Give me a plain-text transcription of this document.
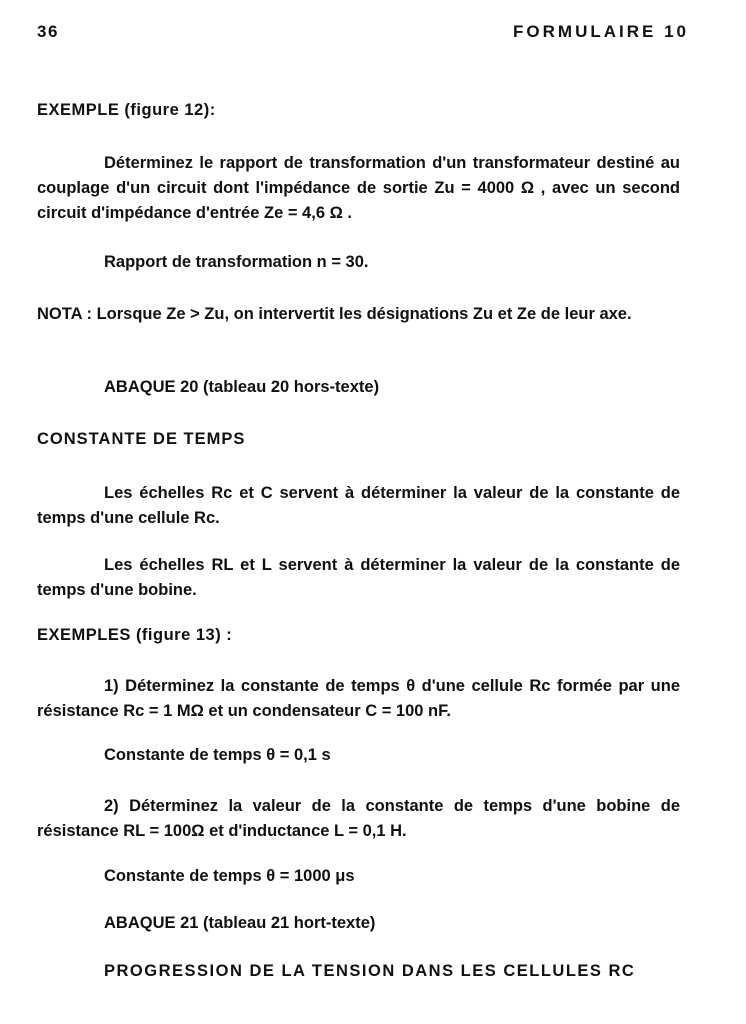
36	FORMULAIRE 10
EXEMPLE (figure 12):
Déterminez le rapport de transformation d'un transformateur destiné au couplage d'un circuit dont l'impédance de sortie Zu = 4000 Ω , avec un second circuit d'impédance d'entrée Ze = 4,6 Ω .
Rapport de transformation n = 30.
NOTA : Lorsque Ze > Zu, on intervertit les désignations Zu et Ze de leur axe.
ABAQUE 20 (tableau 20 hors-texte)
CONSTANTE DE TEMPS
Les échelles Rc et C servent à déterminer la valeur de la constante de temps d'une cellule Rc.
Les échelles RL et L servent à déterminer la valeur de la constante de temps d'une bobine.
EXEMPLES (figure 13) :
1) Déterminez la constante de temps θ d'une cellule Rc formée par une résistance Rc = 1 MΩ et un condensateur C = 100 nF.
Constante de temps θ = 0,1 s
2) Déterminez la valeur de la constante de temps d'une bobine de résistance RL = 100Ω et d'inductance L = 0,1 H.
Constante de temps θ = 1000 μs
ABAQUE 21 (tableau 21 hort-texte)
PROGRESSION DE LA TENSION DANS LES CELLULES RC
